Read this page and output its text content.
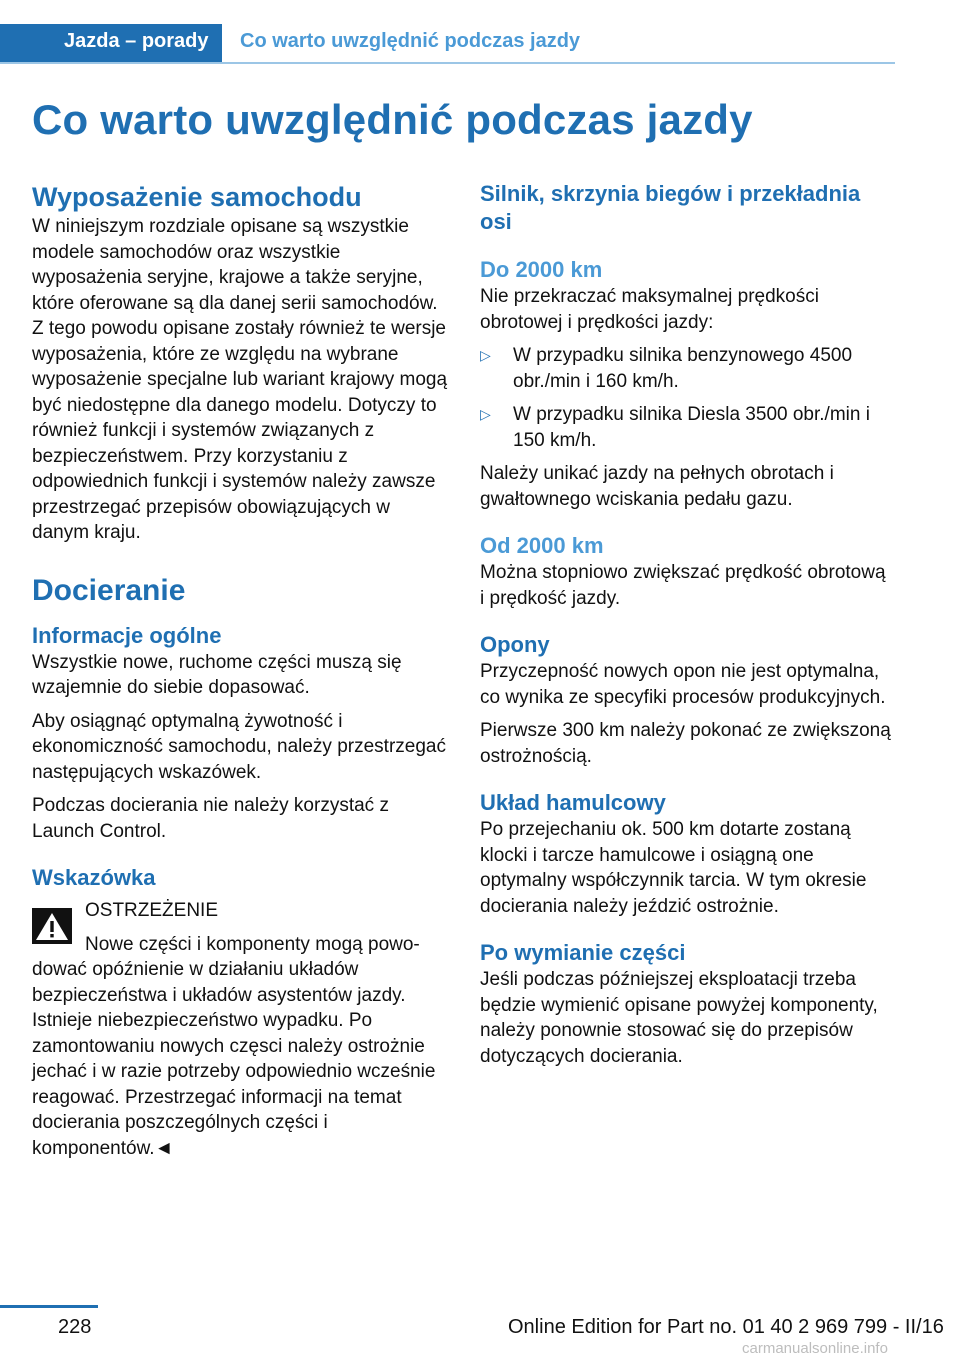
Jazda – porady	Co warto uwzględnić podczas jazdy
Co warto uwzględnić podczas jazdy
Wyposażenie samochodu

W niniejszym rozdziale opisane są wszystkie modele samochodów oraz wszystkie wyposażenia seryjne, krajowe a także seryjne, które oferowane są dla danej serii samochodów. Z tego powodu opisane zostały również te wersje wyposażenia, które ze względu na wybrane wyposażenie specjalne lub wariant krajowy mogą być niedostępne dla danego modelu. Dotyczy to również funkcji i systemów związanych z bezpieczeństwem. Przy korzystaniu z odpowiednich funkcji i systemów należy zawsze przestrzegać przepisów obowiązujących w danym kraju.

Docieranie
Informacje ogólne

Wszystkie nowe, ruchome części muszą się wzajemnie do siebie dopasować.

Aby osiągnąć optymalną żywotność i ekonomiczność samochodu, należy przestrzegać następujących wskazówek.

Podczas docierania nie należy korzystać z Launch Control.

Wskazówka
OSTRZEŻENIE
Nowe części i komponenty mogą powo-
dować opóźnienie w działaniu układów bezpieczeństwa i układów asystentów jazdy. Istnieje niebezpieczeństwo wypadku. Po zamontowaniu nowych częsci należy ostrożnie jechać i w razie potrzeby odpowiednio wcześnie reagować. Przestrzegać informacji na temat docierania poszczególnych części i komponentów.◄
Silnik, skrzynia biegów i przekładnia osi
Do 2000 km

Nie przekraczać maksymalnej prędkości obrotowej i prędkości jazdy:

▷ W przypadku silnika benzynowego 4500 obr./min i 160 km/h.
▷ W przypadku silnika Diesla 3500 obr./min i 150 km/h.

Należy unikać jazdy na pełnych obrotach i gwałtownego wciskania pedału gazu.

Od 2000 km

Można stopniowo zwiększać prędkość obrotową i prędkość jazdy.

Opony

Przyczepność nowych opon nie jest optymalna, co wynika ze specyfiki procesów produkcyjnych.

Pierwsze 300 km należy pokonać ze zwiększoną ostrożnością.

Układ hamulcowy

Po przejechaniu ok. 500 km dotarte zostaną klocki i tarcze hamulcowe i osiągną one optymalny współczynnik tarcia. W tym okresie docierania należy jeździć ostrożnie.

Po wymianie części

Jeśli podczas późniejszej eksploatacji trzeba będzie wymienić opisane powyżej komponenty, należy ponownie stosować się do przepisów dotyczących docierania.

228	Online Edition for Part no. 01 40 2 969 799 - II/16
carmanualsonline.info
